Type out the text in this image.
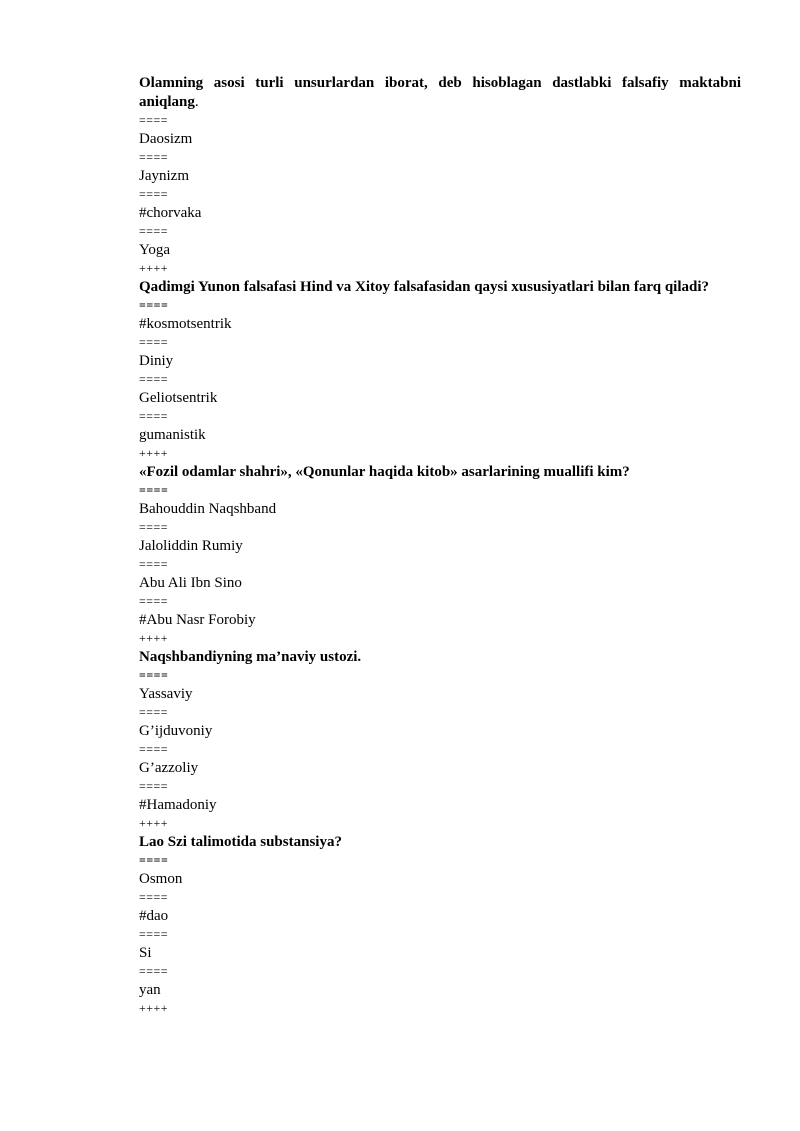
Olamning asosi turli unsurlardan iborat, deb hisoblagan dastlabki falsafiy maktabni aniqlang.
====
Daosizm
====
Jaynizm
====
#chorvaka
====
Yoga
++++
Qadimgi Yunon falsafasi Hind va Xitoy falsafasidan qaysi xususiyatlari bilan farq qiladi?
====
#kosmotsentrik
====
Diniy
====
Geliotsentrik
====
gumanistik
++++
«Fozil odamlar shahri», «Qonunlar haqida kitob» asarlarining muallifi kim?
====
Bahouddin Naqshband
====
Jaloliddin Rumiy
====
Abu Ali Ibn Sino
====
#Abu Nasr Forobiy
++++
Naqshbandiyning ma’naviy ustozi.
====
Yassaviy
====
G’ijduvoniy
====
G’azzoliy
====
#Hamadoniy
++++
Lao Szi talimotida substansiya?
====
Osmon
====
#dao
====
Si
====
yan
++++
